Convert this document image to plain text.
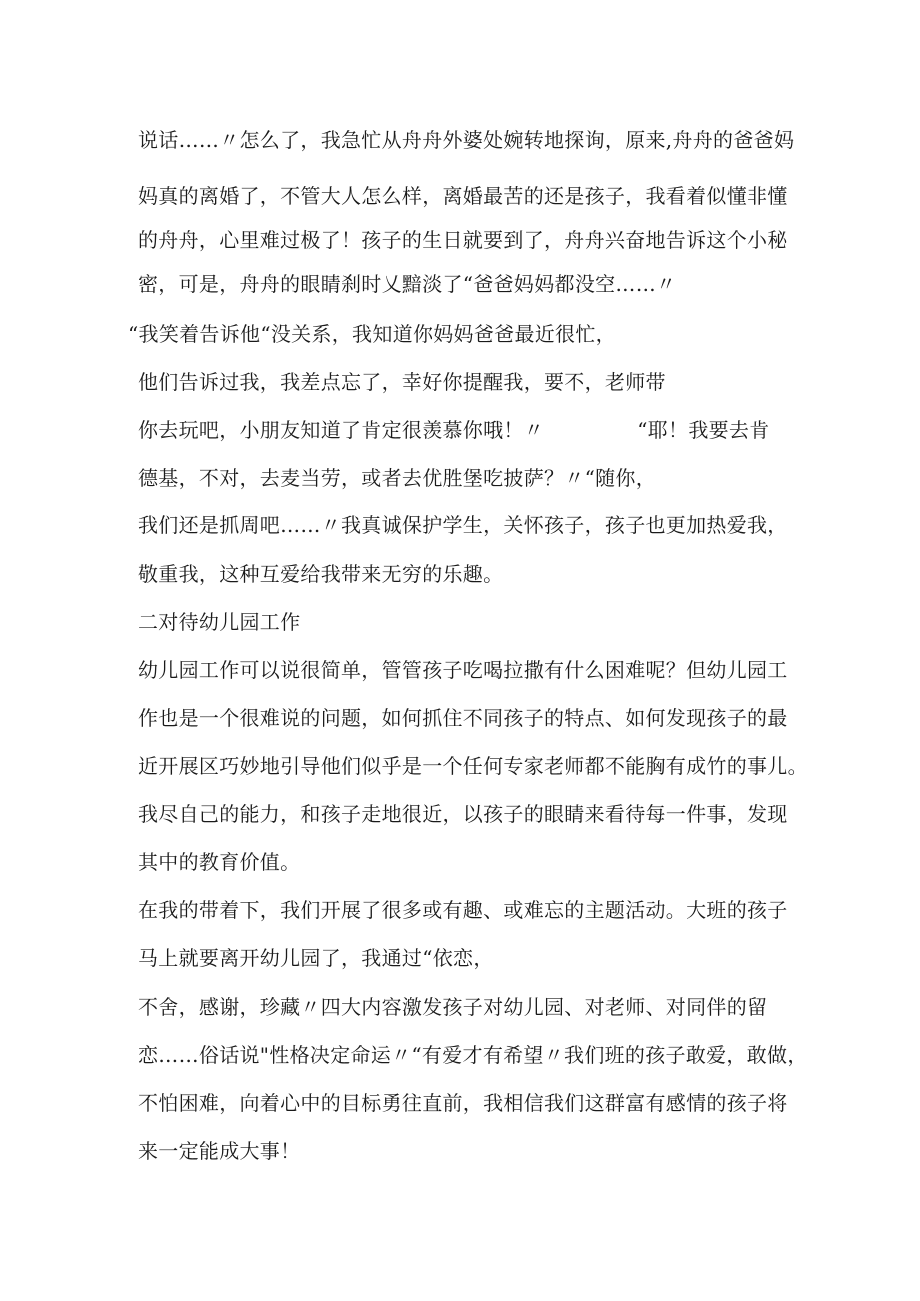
说话……〃怎么了，我急忙从舟舟外婆处婉转地探询，原来,舟舟的爸爸妈
妈真的离婚了，不管大人怎么样，离婚最苦的还是孩子，我看着似懂非懂
的舟舟，心里难过极了！孩子的生日就要到了，舟舟兴奋地告诉这个小秘
密，可是，舟舟的眼睛刹时乂黯淡了“爸爸妈妈都没空……〃
“我笑着告诉他“没关系，我知道你妈妈爸爸最近很忙，
他们告诉过我，我差点忘了，幸好你提醒我，要不，老师带
你去玩吧，小朋友知道了肯定很羡慕你哦！〃              “耶！我要去肯
德基，不对，去麦当劳，或者去优胜堡吃披萨？〃“随你，
我们还是抓周吧……〃我真诚保护学生，关怀孩子，孩子也更加热爱我，
敬重我，这种互爱给我带来无穷的乐趣。
二对待幼儿园工作
幼儿园工作可以说很简单，管管孩子吃喝拉撒有什么困难呢？但幼儿园工
作也是一个很难说的问题，如何抓住不同孩子的特点、如何发现孩子的最
近开展区巧妙地引导他们似乎是一个任何专家老师都不能胸有成竹的事儿。
我尽自己的能力，和孩子走地很近，以孩子的眼睛来看待每一件事，发现
其中的教育价值。
在我的带着下，我们开展了很多或有趣、或难忘的主题活动。大班的孩子
马上就要离开幼儿园了，我通过“依恋，
不舍，感谢，珍藏〃四大内容激发孩子对幼儿园、对老师、对同伴的留
恋……俗话说"性格决定命运〃“有爱才有希望〃我们班的孩子敢爱，敢做，
不怕困难，向着心中的目标勇往直前，我相信我们这群富有感情的孩子将
来一定能成大事！
